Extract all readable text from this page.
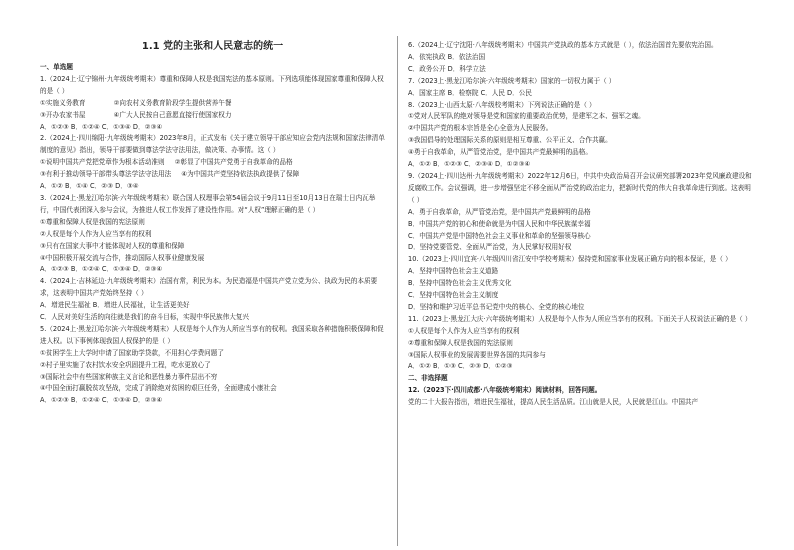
1.1 党的主张和人民意志的统一
一、单选题
1.（2024上·辽宁锦州·九年级统考期末）尊重和保障人权是我国宪法的基本原则。下列选项能体现国家尊重和保障人权的是（ ）
①实施义务教育	②向农村义务教育阶段学生提供营养午餐
③开办农家书屋	④广大人民按自己意愿直接行使国家权力
A．①②③ B．①②④ C．①③④ D．②③④
2.（2024上·四川绵阳·九年级统考期末）2023年8月，正式发布《关于建立领导干部应知应会党内法规和国家法律清单制度的意见》指出，领导干部要做到尊法学法守法用法，做决策、办事情。这（ ）
①说明中国共产党把党章作为根本活动准则 ②彰显了中国共产党勇于自我革命的品格
③有利于推动领导干部带头尊法学法守法用法 ④为中国共产党坚持依法执政提供了保障
A．①② B．①④ C．②③ D．③④
3.（2024上·黑龙江哈尔滨·六年级统考期末）联合国人权理事会第54届会议于9月11日至10月13日在瑞士日内瓦举行，中国代表团深入参与会议，为推进人权工作发挥了建设性作用。对“人权”理解正确的是（ ）
①尊重和保障人权是我国的宪法原则
②人权是每个人作为人应当享有的权利
③只有在国家大事中才能体现对人权的尊重和保障
④中国积极开展交流与合作，推动国际人权事业健康发展
A．①②③ B．①②④ C．①③④ D．②③④
4.（2024上·吉林延边·九年级统考期末）治国有常，利民为本。为民造福是中国共产党立党为公、执政为民的本质要求，这表明中国共产党始终坚持（ ）
A．增进民生福祉 B．增进人民福祉，让生活更美好
C．人民对美好生活的向往就是我们的奋斗目标，实现中华民族伟大复兴
5.（2024上·黑龙江哈尔滨·六年级统考期末）人权是每个人作为人所应当享有的权利。我国采取各种措施积极保障和促进人权。以下事例体现我国人权保护的是（ ）
①贫困学生上大学时申请了国家助学贷款，不用担心学费问题了
②村子里实施了农村饮水安全巩固提升工程，吃水更放心了
③国际社会中有些国家种族主义言论和恶性暴力事件层出不穷
④中国全面打赢脱贫攻坚战，完成了消除绝对贫困的艰巨任务，全面建成小康社会
A．①②③ B．①②④ C．①③④ D．②③④
6.（2024上·辽宁沈阳·八年级统考期末）中国共产党执政的基本方式就是（ ），依法治国首先要依宪治国。
A．依宪执政 B．依法治国
C．政务公开 D．科学立法
7.（2023上·黑龙江哈尔滨·六年级统考期末）国家的一切权力属于（ ）
A．国家主席 B．检察院 C．人民 D．公民
8.（2023上·山西太原·八年级校考期末）下列说法正确的是（ ）
①党对人民军队的绝对领导是党和国家的重要政治优势，是建军之本、强军之魂。
②中国共产党的根本宗旨是全心全意为人民服务。
③我国倡导的处理国际关系的原则是相互尊重、公平正义、合作共赢。
④勇于自我革命，从严管党治党，是中国共产党最鲜明的品格。
A．①② B．①②③ C．②③④ D．①②③④
9.（2024上·四川达州·九年级统考期末）2022年12月6日，中共中央政治局召开会议研究部署2023年党风廉政建设和反腐败工作。会议强调，进一步增强坚定不移全面从严治党的政治定力，把新时代党的伟大自我革命进行到底。这表明（ ）
A．勇于自我革命，从严管党治党，是中国共产党最鲜明的品格
B．中国共产党的初心和使命就是为中国人民和中华民族谋幸福
C．中国共产党是中国特色社会主义事业和革命的坚强领导核心
D．坚持党要管党、全面从严治党，为人民掌好权用好权
10.（2023上·四川宜宾·八年级四川省江安中学校考期末）保持党和国家事业发展正确方向的根本保证，是（ ）
A．坚持中国特色社会主义道路
B．坚持中国特色社会主义优秀文化
C．坚持中国特色社会主义制度
D．坚持和维护习近平总书记党中央的核心、全党的核心地位
11.（2023上·黑龙江大庆·六年级统考期末）人权是每个人作为人所应当享有的权利。下面关于人权说法正确的是（ ）
①人权是每个人作为人应当享有的权利
②尊重和保障人权是我国的宪法原则
③国际人权事业的发展需要世界各国的共同参与
A．①② B．①③ C．②③ D．①②③
二、非选择题
12.（2023下·四川成都·八年级统考期末）阅读材料，回答问题。
党的二十大报告指出，增进民生福祉，提高人民生活品质。江山就是人民，人民就是江山。中国共产
